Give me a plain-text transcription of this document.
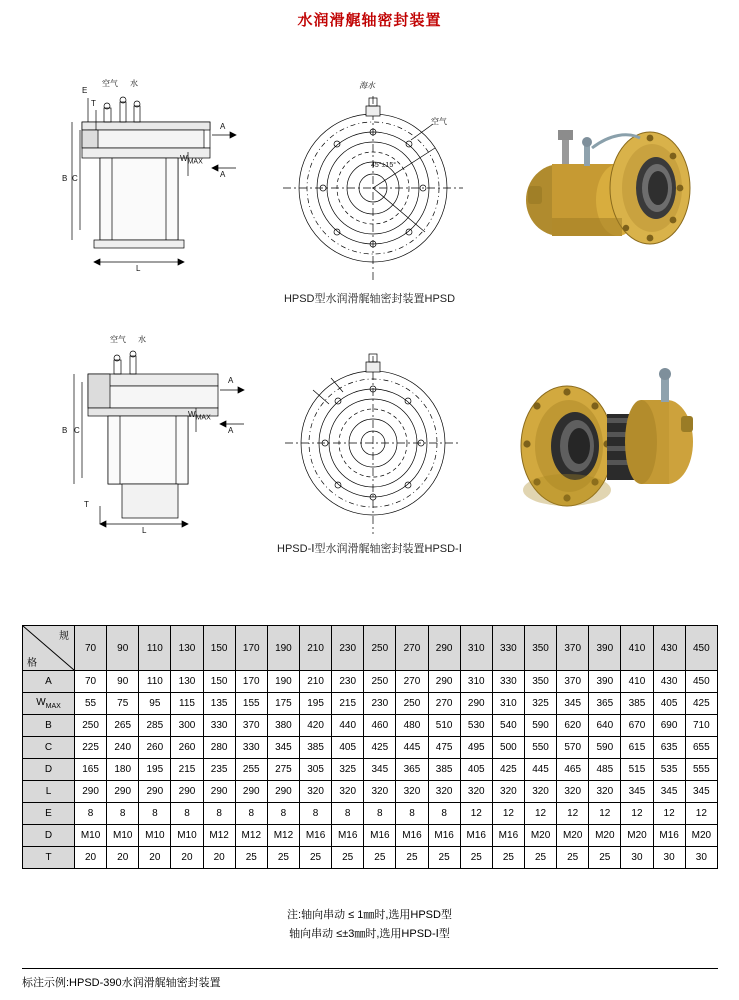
水润滑艉轴密封装置
空气 水
E
T
B C
L
A
A
WMAX
海水
空气
45°±15°
HPSD型水润滑艉轴密封装置HPSD
空气 水
B C
T
L
A
A
WMAX
HPSD-Ⅰ型水润滑艉轴密封装置HPSD-Ⅰ
规
格	70	90	110	130	150	170	190	210	230	250	270	290	310	330	350	370	390	410	430	450
A	70	90	110	130	150	170	190	210	230	250	270	290	310	330	350	370	390	410	430	450
$W_{MAX}$	55	75	95	115	135	155	175	195	215	230	250	270	290	310	325	345	365	385	405	425
B	250	265	285	300	330	370	380	420	440	460	480	510	530	540	590	620	640	670	690	710
C	225	240	260	260	280	330	345	385	405	425	445	475	495	500	550	570	590	615	635	655
D	165	180	195	215	235	255	275	305	325	345	365	385	405	425	445	465	485	515	535	555
L	290	290	290	290	290	290	290	320	320	320	320	320	320	320	320	320	320	345	345	345
E	8	8	8	8	8	8	8	8	8	8	8	8	12	12	12	12	12	12	12	12
D	M10	M10	M10	M10	M12	M12	M12	M16	M16	M16	M16	M16	M16	M16	M20	M20	M20	M20	M16	M20
T	20	20	20	20	20	25	25	25	25	25	25	25	25	25	25	25	25	30	30	30
注:轴向串动 ≤ 1㎜时,选用HPSD型
轴向串动 ≤±3㎜时,选用HPSD-Ⅰ型
标注示例:HPSD-390水润滑艉轴密封装置
